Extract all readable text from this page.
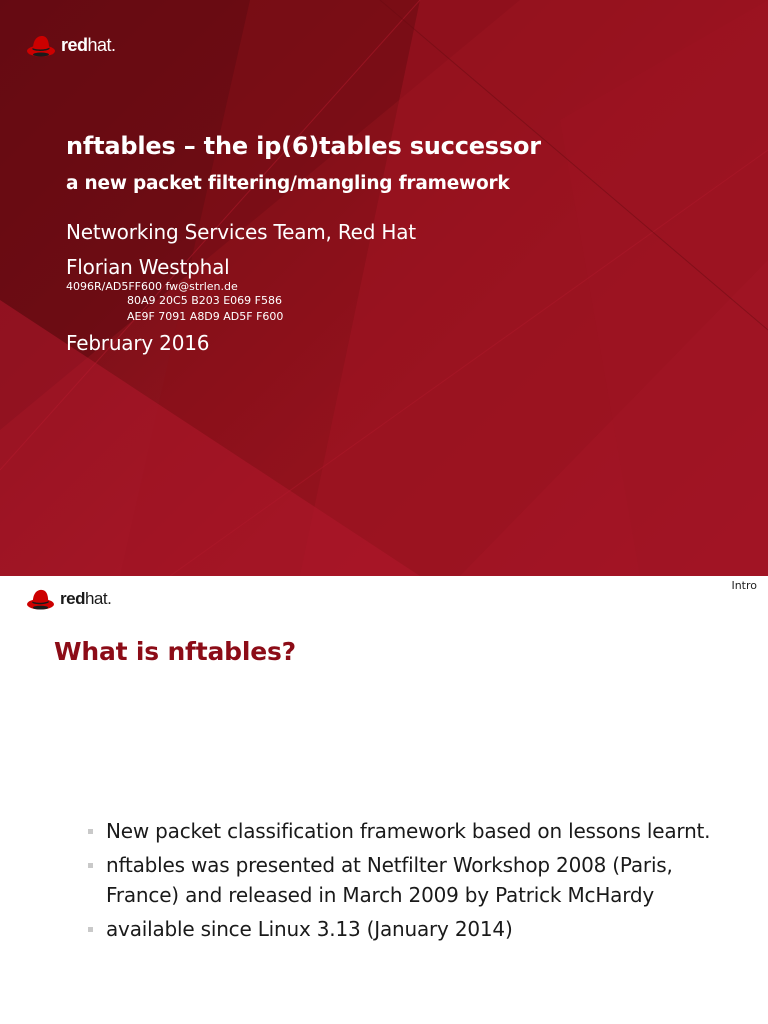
redhat.
nftables – the ip(6)tables successor
a new packet filtering/mangling framework
Networking Services Team, Red Hat
Florian Westphal
4096R/AD5FF600 fw@strlen.de
80A9 20C5 B203 E069 F586
AE9F 7091 A8D9 AD5F F600
February 2016
Intro
redhat.
What is nftables?
New packet classification framework based on lessons learnt.
nftables was presented at Netfilter Workshop 2008 (Paris, France) and released in March 2009 by Patrick McHardy
available since Linux 3.13 (January 2014)
